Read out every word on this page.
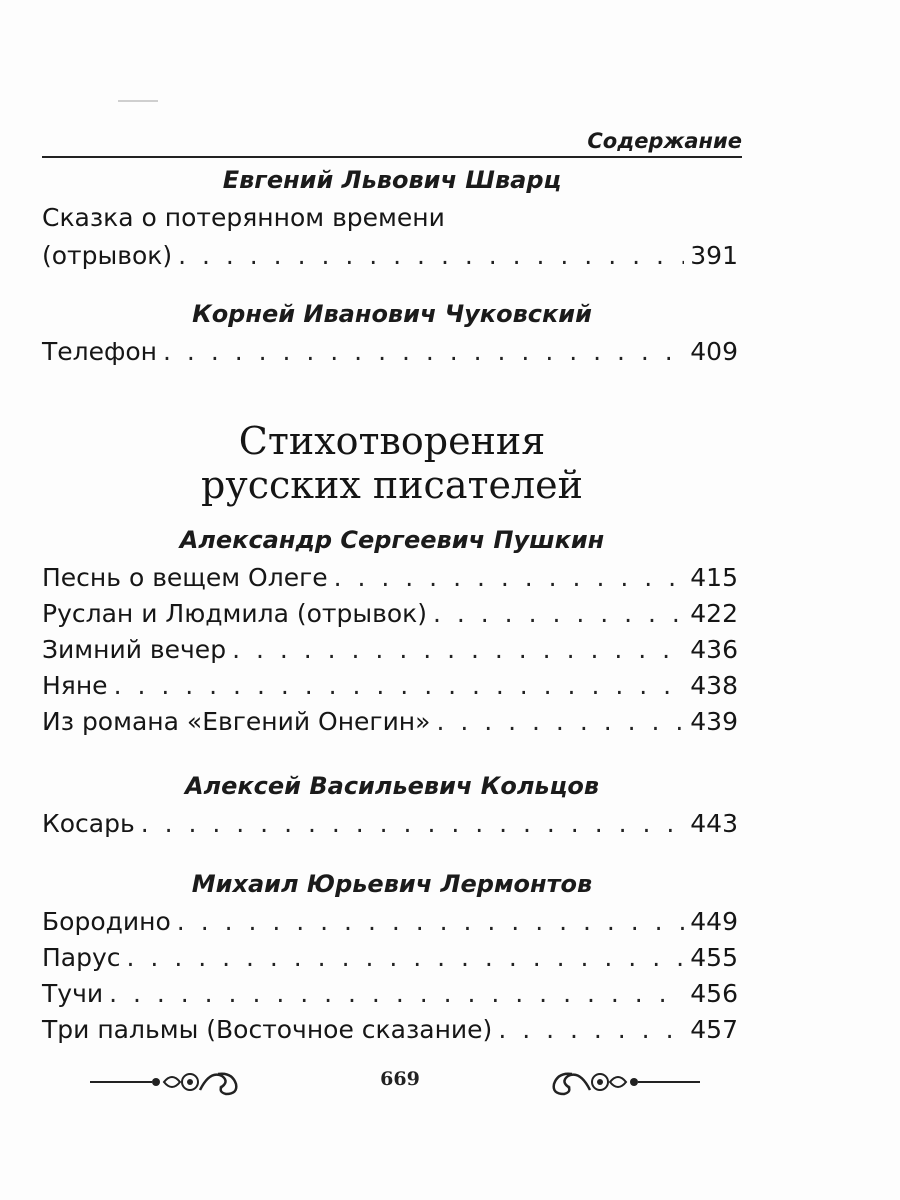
Содержание
Евгений Львович Шварц
Сказка о потерянном времени
(отрывок) . . .	391
Корней Иванович Чуковский
Телефон . . .	409
Стихотворения
русских писателей
Александр Сергеевич Пушкин
Песнь о вещем Олеге . . .	415
Руслан и Людмила (отрывок) . . .	422
Зимний вечер . . .	436
Няне . . .	438
Из романа «Евгений Онегин» . . .	439
Алексей Васильевич Кольцов
Косарь . . .	443
Михаил Юрьевич Лермонтов
Бородино . . .	449
Парус . . .	455
Тучи . . .	456
Три пальмы (Восточное сказание) . . .	457
669
